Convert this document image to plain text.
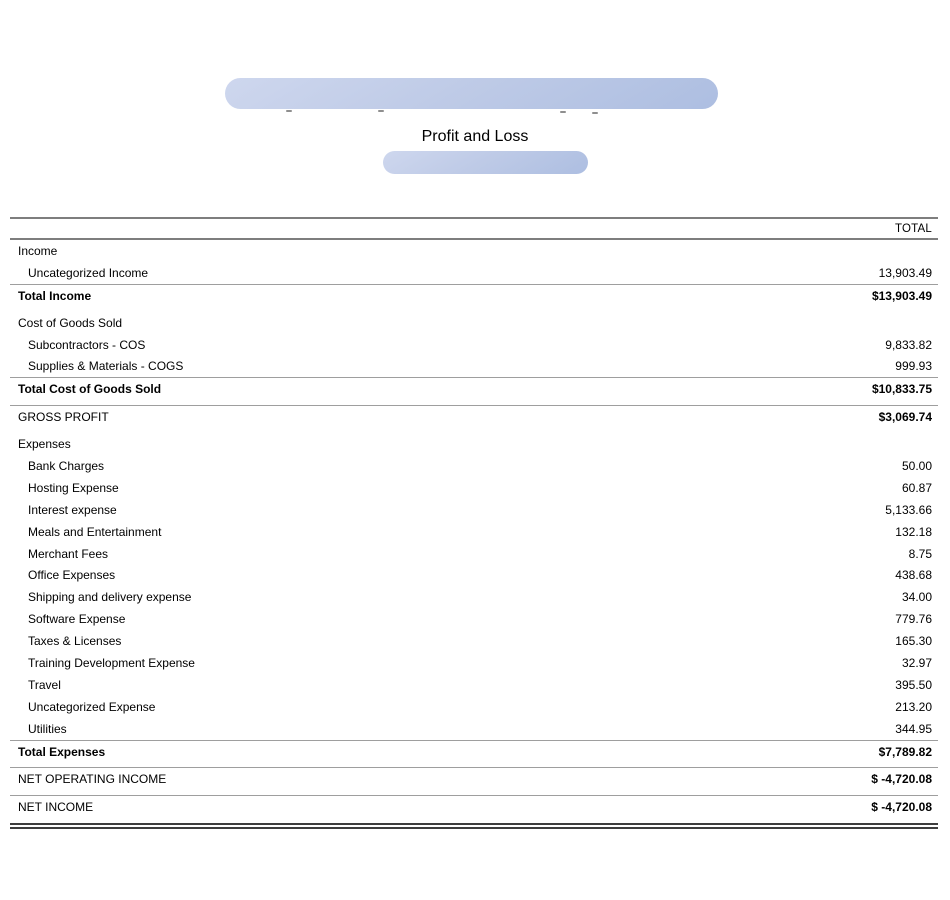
Profit and Loss
TOTAL
Income
Uncategorized Income	13,903.49
Total Income	$13,903.49
Cost of Goods Sold
Subcontractors - COS	9,833.82
Supplies & Materials - COGS	999.93
Total Cost of Goods Sold	$10,833.75
GROSS PROFIT	$3,069.74
Expenses
Bank Charges	50.00
Hosting Expense	60.87
Interest expense	5,133.66
Meals and Entertainment	132.18
Merchant Fees	8.75
Office Expenses	438.68
Shipping and delivery expense	34.00
Software Expense	779.76
Taxes & Licenses	165.30
Training Development Expense	32.97
Travel	395.50
Uncategorized Expense	213.20
Utilities	344.95
Total Expenses	$7,789.82
NET OPERATING INCOME	$ -4,720.08
NET INCOME	$ -4,720.08
